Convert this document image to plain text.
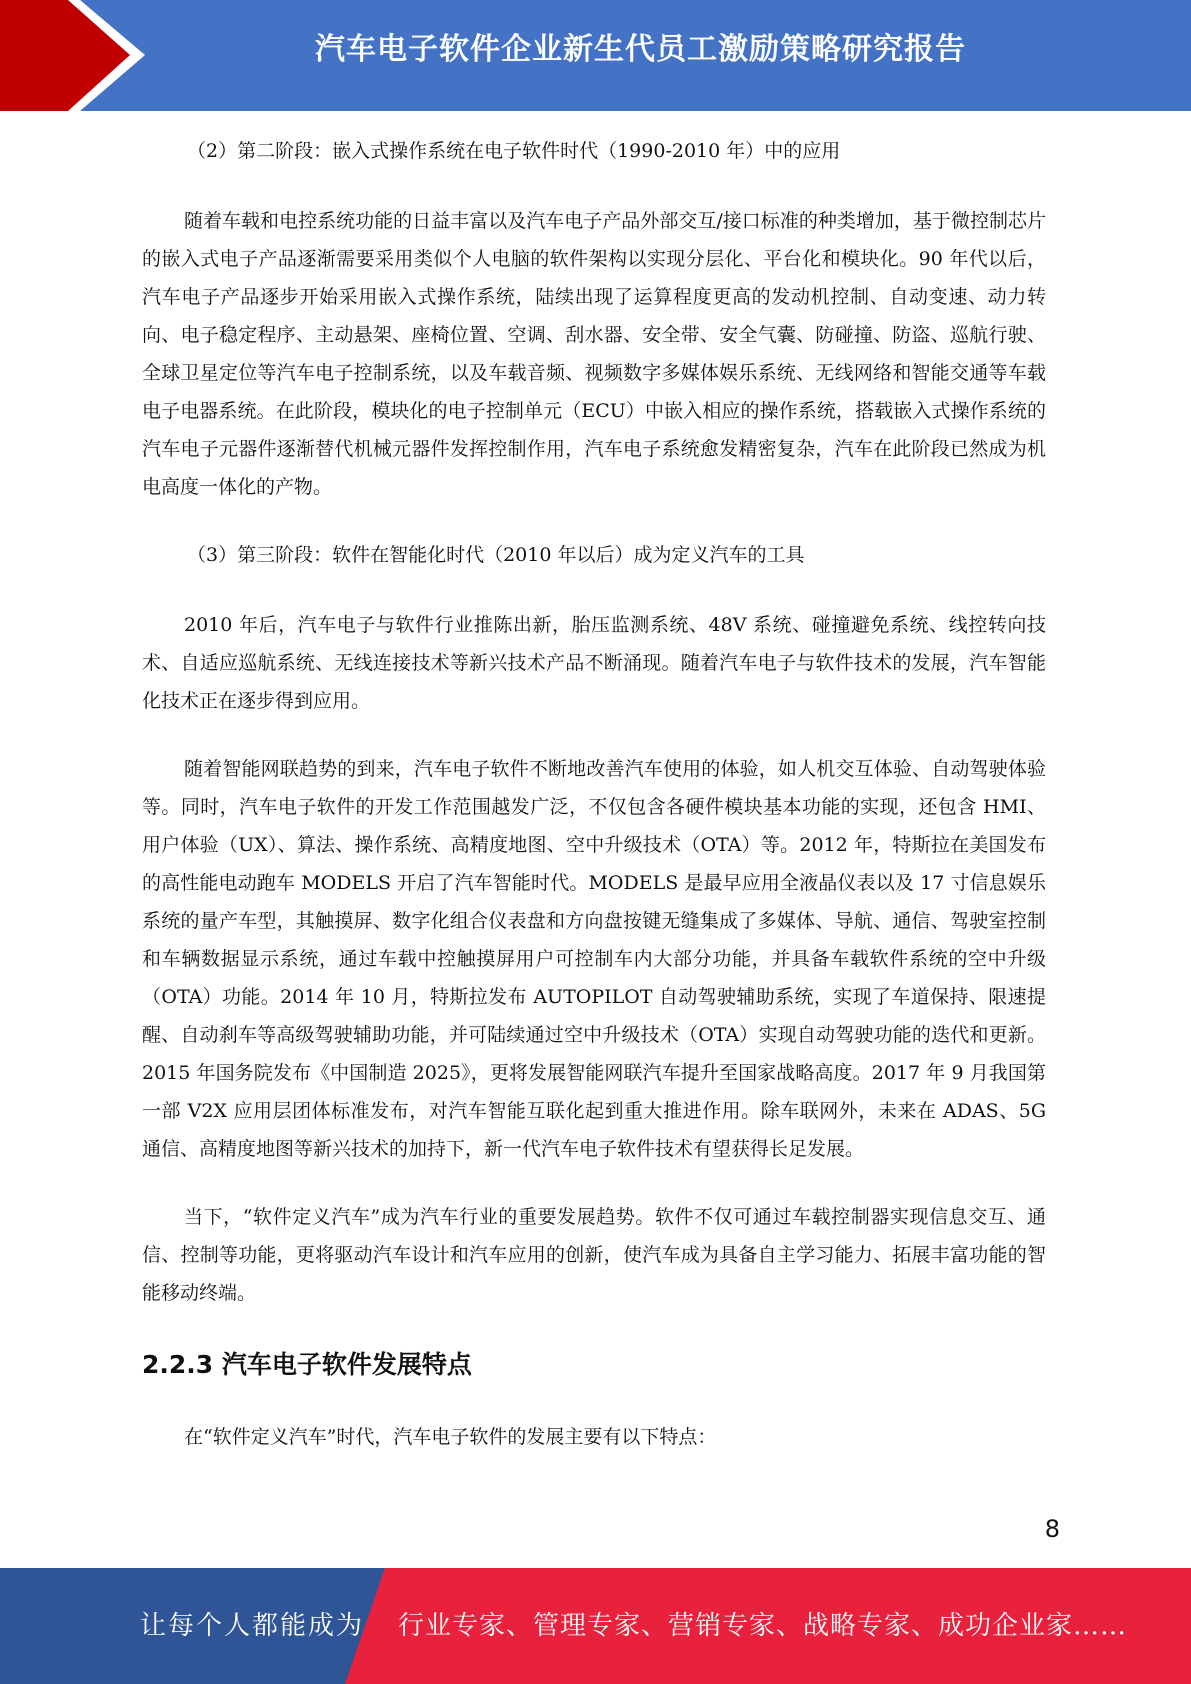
汽车电子软件企业新生代员工激励策略研究报告

（2）第二阶段：嵌入式操作系统在电子软件时代（1990-2010 年）中的应用

随着车载和电控系统功能的日益丰富以及汽车电子产品外部交互/接口标准的种类增加，基于微控制芯片的嵌入式电子产品逐渐需要采用类似个人电脑的软件架构以实现分层化、平台化和模块化。90 年代以后，汽车电子产品逐步开始采用嵌入式操作系统，陆续出现了运算程度更高的发动机控制、自动变速、动力转向、电子稳定程序、主动悬架、座椅位置、空调、刮水器、安全带、安全气囊、防碰撞、防盗、巡航行驶、全球卫星定位等汽车电子控制系统，以及车载音频、视频数字多媒体娱乐系统、无线网络和智能交通等车载电子电器系统。在此阶段，模块化的电子控制单元（ECU）中嵌入相应的操作系统，搭载嵌入式操作系统的汽车电子元器件逐渐替代机械元器件发挥控制作用，汽车电子系统愈发精密复杂，汽车在此阶段已然成为机电高度一体化的产物。

（3）第三阶段：软件在智能化时代（2010 年以后）成为定义汽车的工具

2010 年后，汽车电子与软件行业推陈出新，胎压监测系统、48V 系统、碰撞避免系统、线控转向技术、自适应巡航系统、无线连接技术等新兴技术产品不断涌现。随着汽车电子与软件技术的发展，汽车智能化技术正在逐步得到应用。

随着智能网联趋势的到来，汽车电子软件不断地改善汽车使用的体验，如人机交互体验、自动驾驶体验等。同时，汽车电子软件的开发工作范围越发广泛，不仅包含各硬件模块基本功能的实现，还包含 HMI、用户体验（UX）、算法、操作系统、高精度地图、空中升级技术（OTA）等。2012 年，特斯拉在美国发布的高性能电动跑车 MODELS 开启了汽车智能时代。MODELS 是最早应用全液晶仪表以及 17 寸信息娱乐系统的量产车型，其触摸屏、数字化组合仪表盘和方向盘按键无缝集成了多媒体、导航、通信、驾驶室控制和车辆数据显示系统，通过车载中控触摸屏用户可控制车内大部分功能，并具备车载软件系统的空中升级（OTA）功能。2014 年 10 月，特斯拉发布 AUTOPILOT 自动驾驶辅助系统，实现了车道保持、限速提醒、自动刹车等高级驾驶辅助功能，并可陆续通过空中升级技术（OTA）实现自动驾驶功能的迭代和更新。2015 年国务院发布《中国制造 2025》，更将发展智能网联汽车提升至国家战略高度。2017 年 9 月我国第一部 V2X 应用层团体标准发布，对汽车智能互联化起到重大推进作用。除车联网外，未来在 ADAS、5G 通信、高精度地图等新兴技术的加持下，新一代汽车电子软件技术有望获得长足发展。

当下，“软件定义汽车”成为汽车行业的重要发展趋势。软件不仅可通过车载控制器实现信息交互、通信、控制等功能，更将驱动汽车设计和汽车应用的创新，使汽车成为具备自主学习能力、拓展丰富功能的智能移动终端。

2.2.3 汽车电子软件发展特点

在“软件定义汽车”时代，汽车电子软件的发展主要有以下特点：

8
让每个人都能成为 行业专家、管理专家、营销专家、战略专家、成功企业家……
